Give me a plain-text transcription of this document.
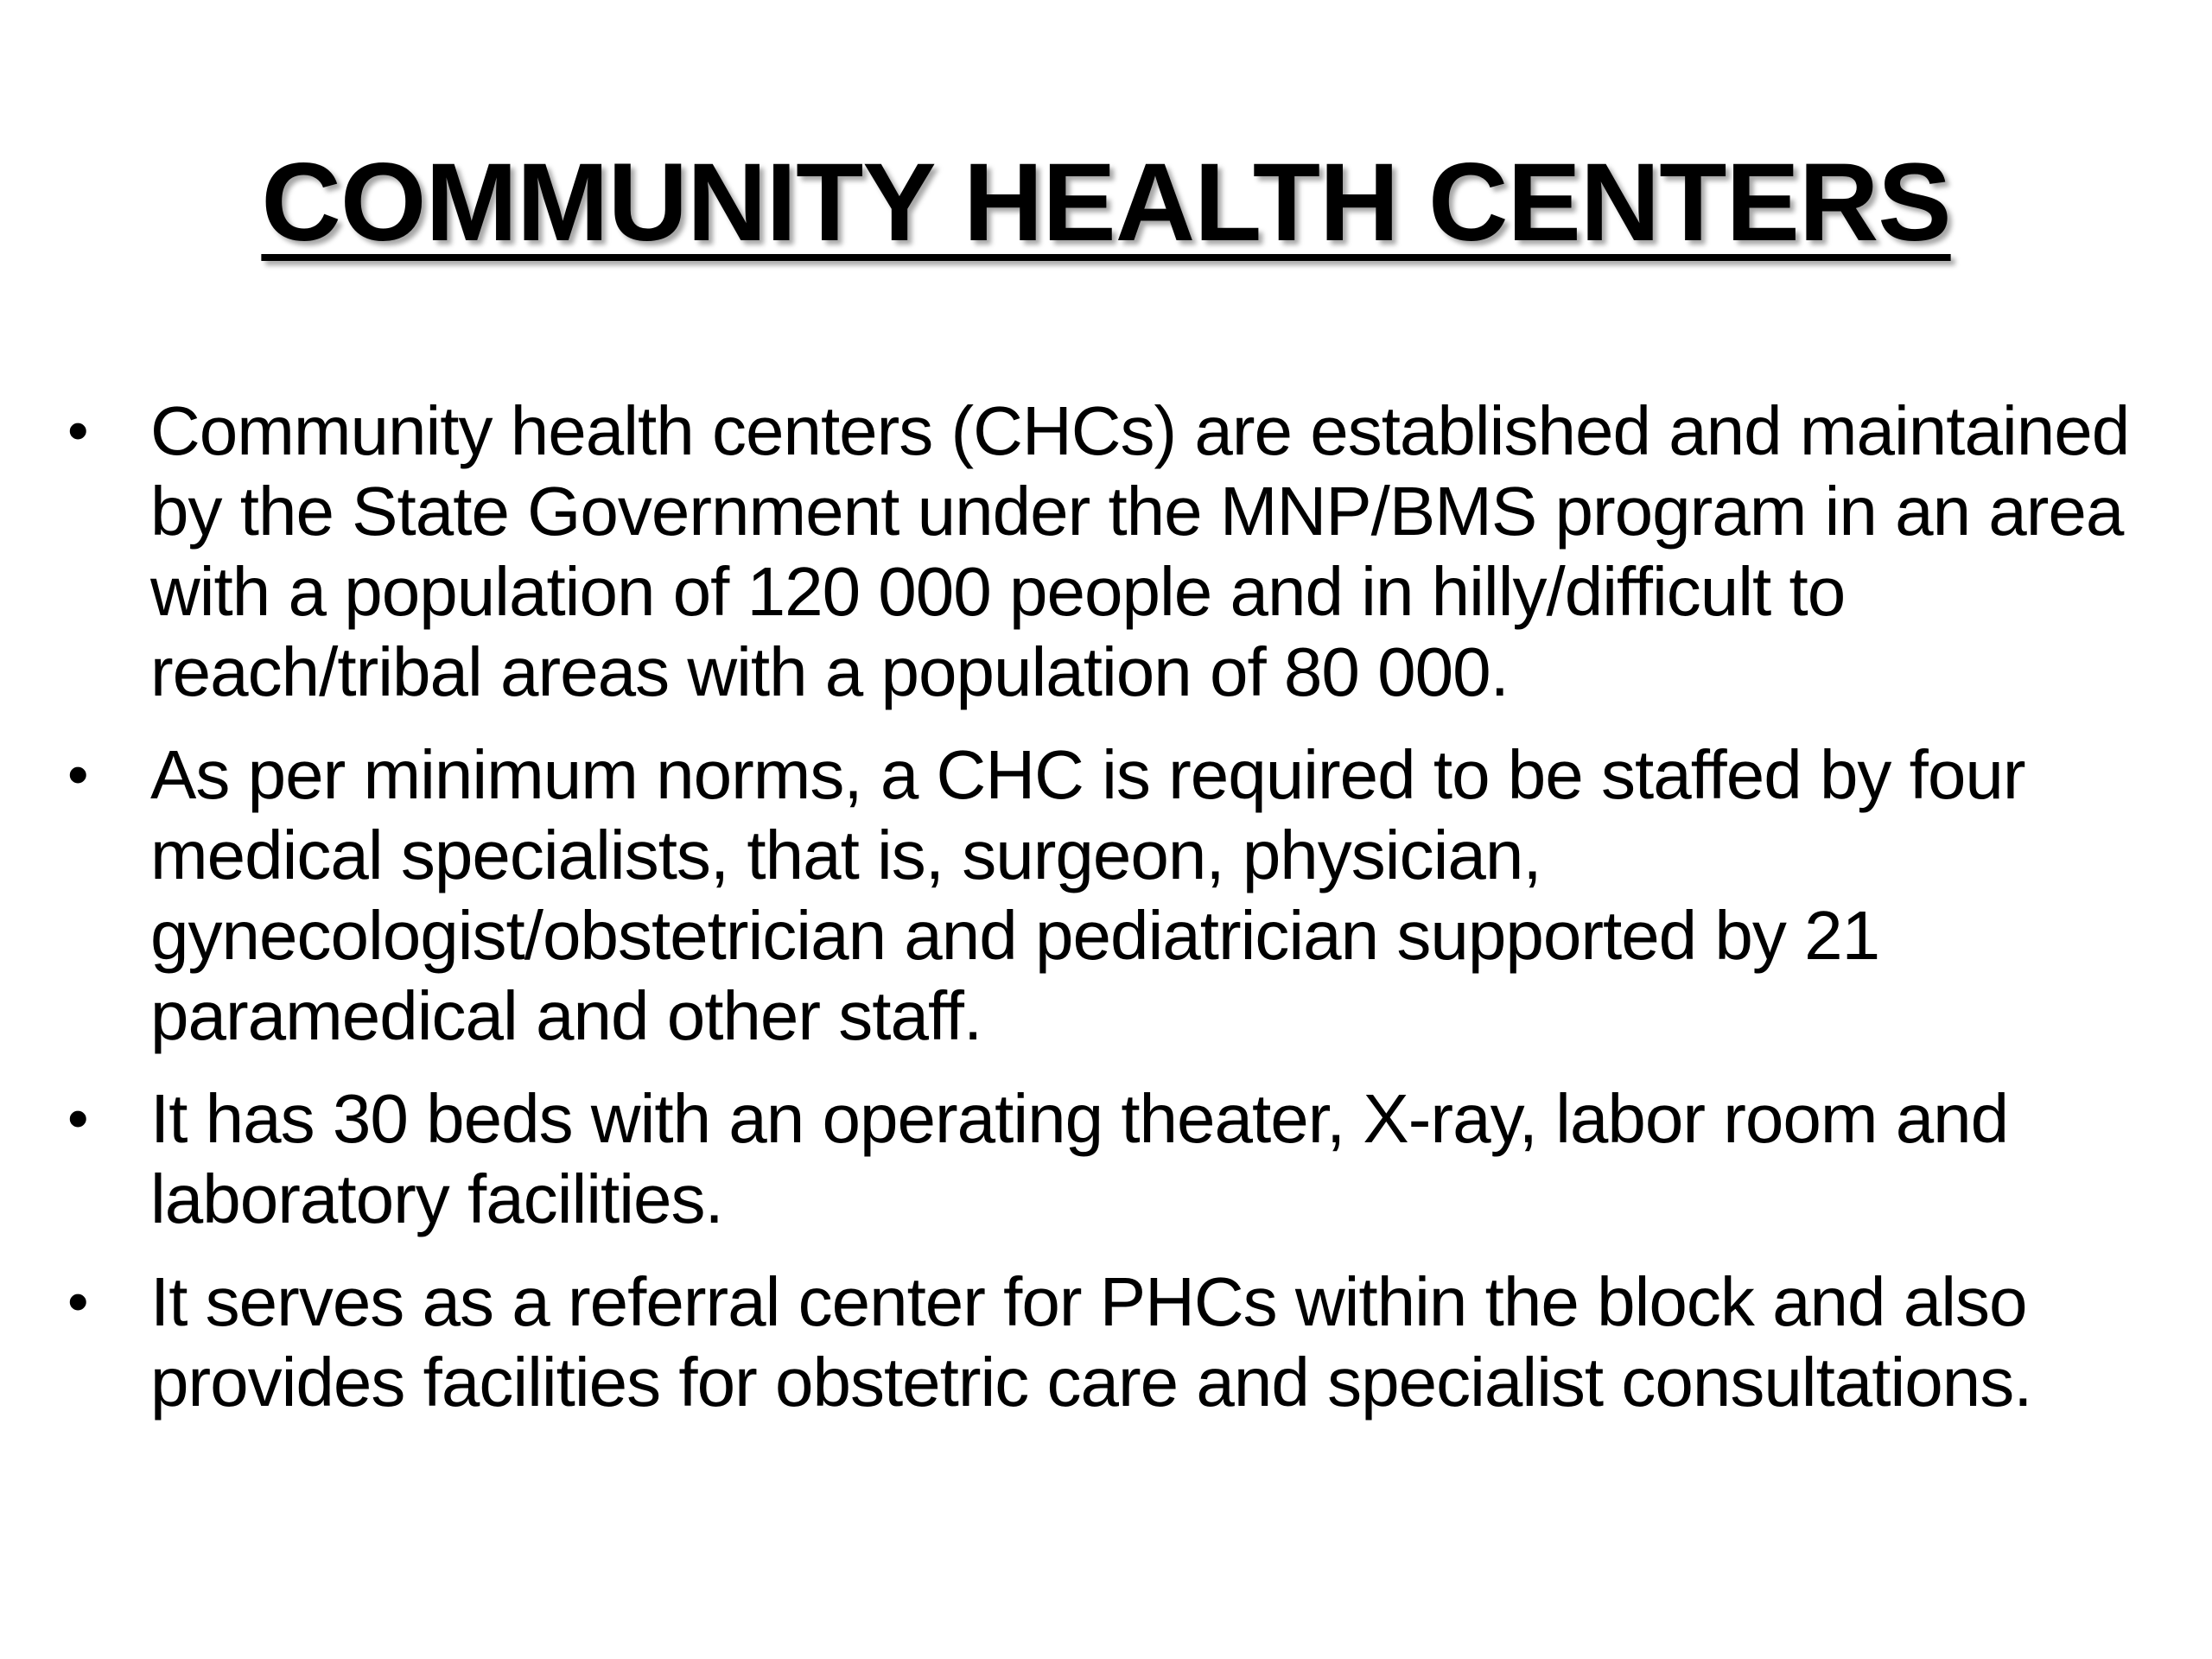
COMMUNITY HEALTH CENTERS
• Community health centers (CHCs) are established and maintained by the State Government under the MNP/BMS program in an area with a population of 120 000 people and in hilly/difficult to reach/tribal areas with a population of 80 000.
• As per minimum norms, a CHC is required to be staffed by four medical specialists, that is, surgeon, physician, gynecologist/obstetrician and pediatrician supported by 21 paramedical and other staff.
• It has 30 beds with an operating theater, X-ray, labor room and laboratory facilities.
• It serves as a referral center for PHCs within the block and also provides facilities for obstetric care and specialist consultations.
